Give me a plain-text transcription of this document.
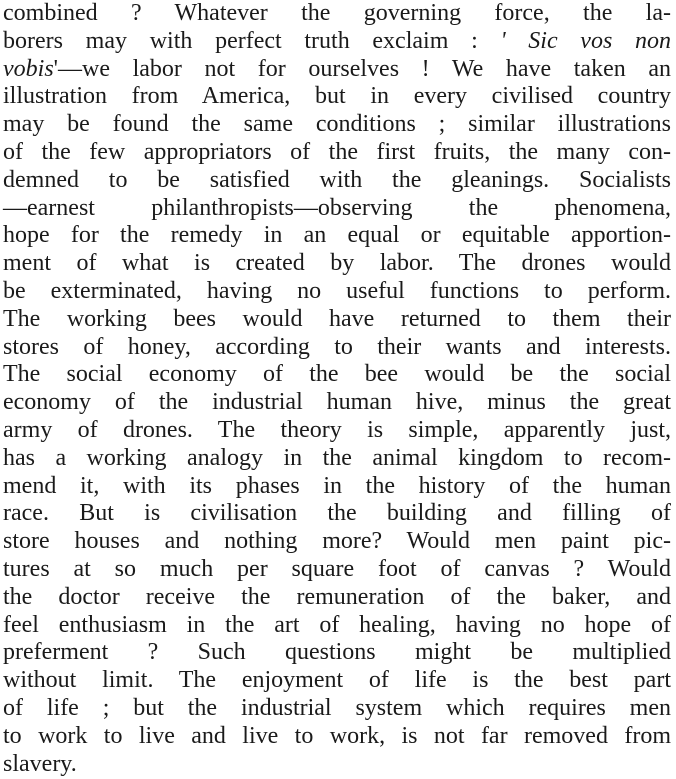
combined ? Whatever the governing force, the la-
borers may with perfect truth exclaim : ' Sic vos non
vobis'—we labor not for ourselves ! We have taken an
illustration from America, but in every civilised country
may be found the same conditions ; similar illustrations
of the few appropriators of the first fruits, the many con-
demned to be satisfied with the gleanings. Socialists
—earnest philanthropists—observing the phenomena,
hope for the remedy in an equal or equitable apportion-
ment of what is created by labor. The drones would
be exterminated, having no useful functions to perform.
The working bees would have returned to them their
stores of honey, according to their wants and interests.
The social economy of the bee would be the social
economy of the industrial human hive, minus the great
army of drones. The theory is simple, apparently just,
has a working analogy in the animal kingdom to recom-
mend it, with its phases in the history of the human
race. But is civilisation the building and filling of
store houses and nothing more? Would men paint pic-
tures at so much per square foot of canvas ? Would
the doctor receive the remuneration of the baker, and
feel enthusiasm in the art of healing, having no hope of
preferment ? Such questions might be multiplied
without limit. The enjoyment of life is the best part
of life ; but the industrial system which requires men
to work to live and live to work, is not far removed from
slavery.
